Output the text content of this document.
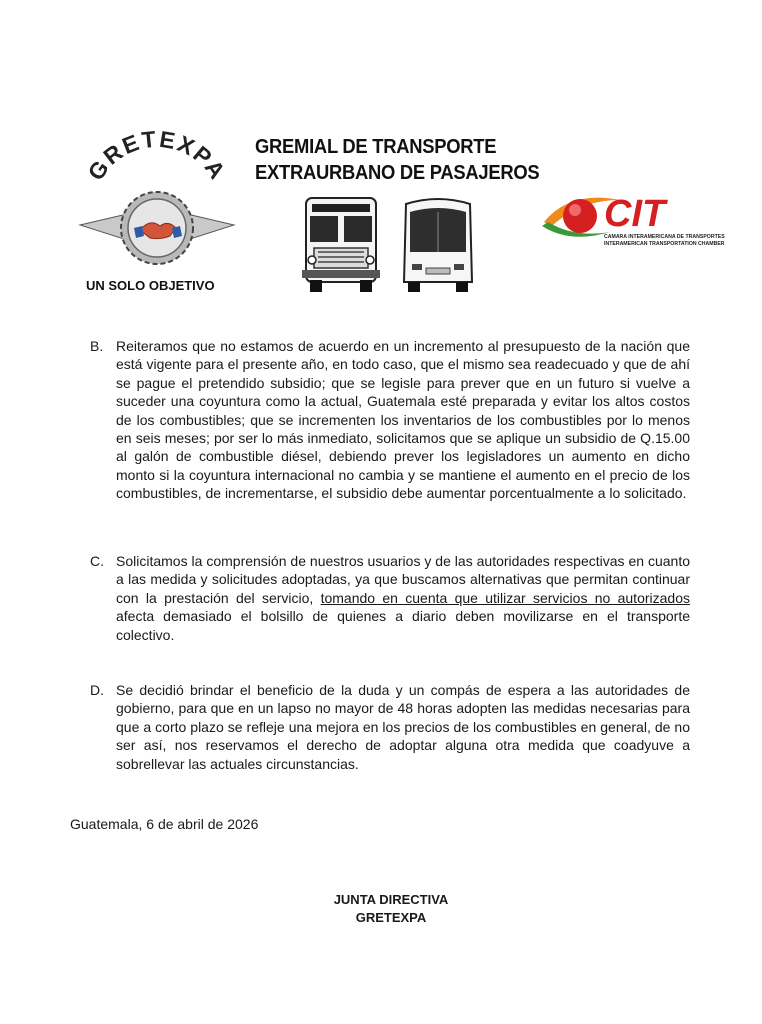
GRETEXPA
UN SOLO OBJETIVO
GREMIAL DE TRANSPORTE
EXTRAURBANO DE PASAJEROS
CIT
CAMARA INTERAMERICANA DE TRANSPORTES
INTERAMERICAN TRANSPORTATION CHAMBER
B. Reiteramos que no estamos de acuerdo en un incremento al presupuesto de la nación que está vigente para el presente año, en todo caso, que el mismo sea readecuado y que de ahí se pague el pretendido subsidio; que se legisle para prever que en un futuro si vuelve a suceder una coyuntura como la actual, Guatemala esté preparada y evitar los altos costos de los combustibles; que se incrementen los inventarios de los combustibles por lo menos en seis meses; por ser lo más inmediato, solicitamos que se aplique un subsidio de Q.15.00 al galón de combustible diésel, debiendo prever los legisladores un aumento en dicho monto si la coyuntura internacional no cambia y se mantiene el aumento en el precio de los combustibles, de incrementarse, el subsidio debe aumentar porcentualmente a lo solicitado.
C. Solicitamos la comprensión de nuestros usuarios y de las autoridades respectivas en cuanto a las medida y solicitudes adoptadas, ya que buscamos alternativas que permitan continuar con la prestación del servicio, tomando en cuenta que utilizar servicios no autorizados afecta demasiado el bolsillo de quienes a diario deben movilizarse en el transporte colectivo.
D. Se decidió brindar el beneficio de la duda y un compás de espera a las autoridades de gobierno, para que en un lapso no mayor de 48 horas adopten las medidas necesarias para que a corto plazo se refleje una mejora en los precios de los combustibles en general, de no ser así, nos reservamos el derecho de adoptar alguna otra medida que coadyuve a sobrellevar las actuales circunstancias.
Guatemala, 6 de abril de 2026
JUNTA DIRECTIVA
GRETEXPA
